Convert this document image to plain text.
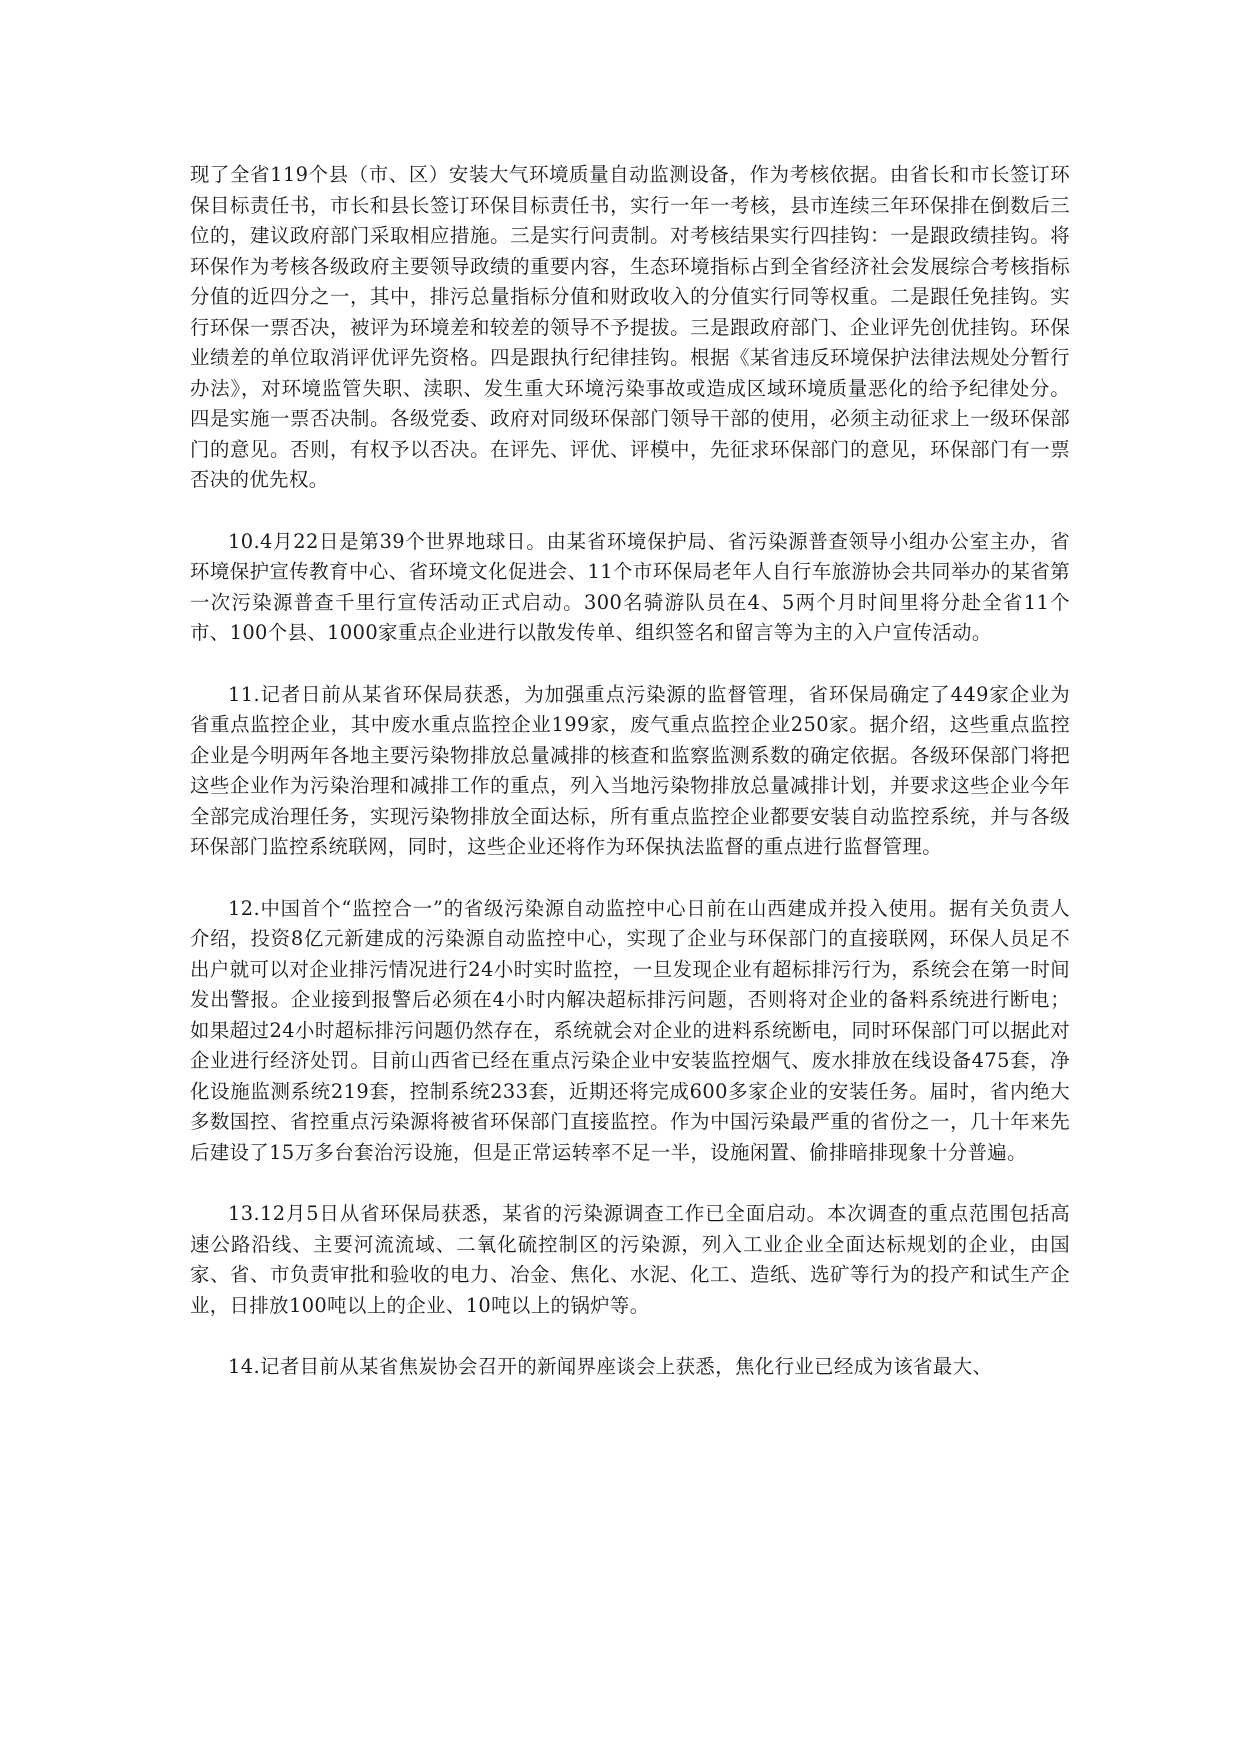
现了全省119个县（市、区）安装大气环境质量自动监测设备，作为考核依据。由省长和市长签订环保目标责任书，市长和县长签订环保目标责任书，实行一年一考核，县市连续三年环保排在倒数后三位的，建议政府部门采取相应措施。三是实行问责制。对考核结果实行四挂钩：一是跟政绩挂钩。将环保作为考核各级政府主要领导政绩的重要内容，生态环境指标占到全省经济社会发展综合考核指标分值的近四分之一，其中，排污总量指标分值和财政收入的分值实行同等权重。二是跟任免挂钩。实行环保一票否决，被评为环境差和较差的领导不予提拔。三是跟政府部门、企业评先创优挂钩。环保业绩差的单位取消评优评先资格。四是跟执行纪律挂钩。根据《某省违反环境保护法律法规处分暂行办法》，对环境监管失职、渎职、发生重大环境污染事故或造成区域环境质量恶化的给予纪律处分。四是实施一票否决制。各级党委、政府对同级环保部门领导干部的使用，必须主动征求上一级环保部门的意见。否则，有权予以否决。在评先、评优、评模中，先征求环保部门的意见，环保部门有一票否决的优先权。

10.4月22日是第39个世界地球日。由某省环境保护局、省污染源普查领导小组办公室主办，省环境保护宣传教育中心、省环境文化促进会、11个市环保局老年人自行车旅游协会共同举办的某省第一次污染源普查千里行宣传活动正式启动。300名骑游队员在4、5两个月时间里将分赴全省11个市、100个县、1000家重点企业进行以散发传单、组织签名和留言等为主的入户宣传活动。

11.记者日前从某省环保局获悉，为加强重点污染源的监督管理，省环保局确定了449家企业为省重点监控企业，其中废水重点监控企业199家，废气重点监控企业250家。据介绍，这些重点监控企业是今明两年各地主要污染物排放总量减排的核查和监察监测系数的确定依据。各级环保部门将把这些企业作为污染治理和减排工作的重点，列入当地污染物排放总量减排计划，并要求这些企业今年全部完成治理任务，实现污染物排放全面达标，所有重点监控企业都要安装自动监控系统，并与各级环保部门监控系统联网，同时，这些企业还将作为环保执法监督的重点进行监督管理。

12.中国首个“监控合一”的省级污染源自动监控中心日前在山西建成并投入使用。据有关负责人介绍，投资8亿元新建成的污染源自动监控中心，实现了企业与环保部门的直接联网，环保人员足不出户就可以对企业排污情况进行24小时实时监控，一旦发现企业有超标排污行为，系统会在第一时间发出警报。企业接到报警后必须在4小时内解决超标排污问题，否则将对企业的备料系统进行断电；如果超过24小时超标排污问题仍然存在，系统就会对企业的进料系统断电，同时环保部门可以据此对企业进行经济处罚。目前山西省已经在重点污染企业中安装监控烟气、废水排放在线设备475套，净化设施监测系统219套，控制系统233套，近期还将完成600多家企业的安装任务。届时，省内绝大多数国控、省控重点污染源将被省环保部门直接监控。作为中国污染最严重的省份之一，几十年来先后建设了15万多台套治污设施，但是正常运转率不足一半，设施闲置、偷排暗排现象十分普遍。

13.12月5日从省环保局获悉，某省的污染源调查工作已全面启动。本次调查的重点范围包括高速公路沿线、主要河流流域、二氧化硫控制区的污染源，列入工业企业全面达标规划的企业，由国家、省、市负责审批和验收的电力、冶金、焦化、水泥、化工、造纸、选矿等行为的投产和试生产企业，日排放100吨以上的企业、10吨以上的锅炉等。

14.记者目前从某省焦炭协会召开的新闻界座谈会上获悉，焦化行业已经成为该省最大、
